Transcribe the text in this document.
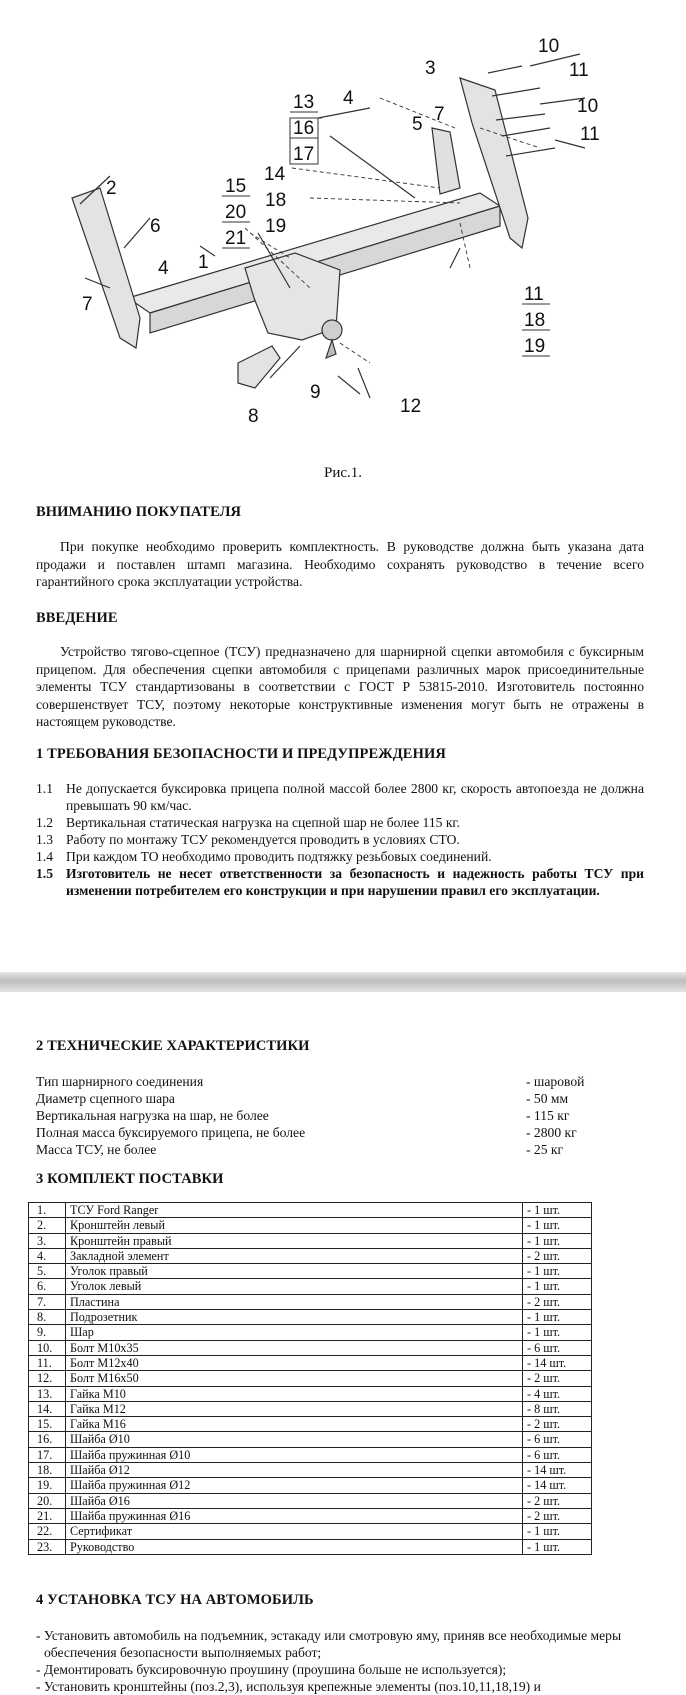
10
11
10
11
3
4
13
16
17
5 7
14
18
19
15
20
21
2
6
4 1
7	11
18
19
9
12
8
Рис.1.
ВНИМАНИЮ ПОКУПАТЕЛЯ
При покупке необходимо проверить комплектность. В руководстве должна быть указана дата продажи и поставлен штамп магазина. Необходимо сохранять руководство в течение всего гарантийного срока эксплуатации устройства.
ВВЕДЕНИЕ
Устройство тягово-сцепное (ТСУ) предназначено для шарнирной сцепки автомобиля с буксирным прицепом. Для обеспечения сцепки автомобиля с прицепами различных марок присоединительные элементы ТСУ стандартизованы в соответствии с ГОСТ Р 53815-2010. Изготовитель постоянно совершенствует ТСУ, поэтому некоторые конструктивные изменения могут быть не отражены в настоящем руководстве.
1 ТРЕБОВАНИЯ БЕЗОПАСНОСТИ И ПРЕДУПРЕЖДЕНИЯ
1.1 Не допускается буксировка прицепа полной массой более 2800 кг, скорость автопоезда не должна превышать 90 км/час.
1.2 Вертикальная статическая нагрузка на сцепной шар не более 115 кг.
1.3 Работу по монтажу ТСУ рекомендуется проводить в условиях СТО.
1.4 При каждом ТО необходимо проводить подтяжку резьбовых соединений.
1.5 Изготовитель не несет ответственности за безопасность и надежность работы ТСУ при изменении потребителем его конструкции и при нарушении правил его эксплуатации.
2 ТЕХНИЧЕСКИЕ ХАРАКТЕРИСТИКИ
Тип шарнирного соединения	- шаровой
Диаметр сцепного шара	- 50 мм
Вертикальная нагрузка на шар, не более	- 115 кг
Полная масса буксируемого прицепа, не более	- 2800 кг
Масса ТСУ, не более	- 25 кг
3 КОМПЛЕКТ ПОСТАВКИ
1.	ТСУ Ford Ranger	- 1 шт.
2.	Кронштейн левый	- 1 шт.
3.	Кронштейн правый	- 1 шт.
4.	Закладной элемент	- 2 шт.
5.	Уголок правый	- 1 шт.
6.	Уголок левый	- 1 шт.
7.	Пластина	- 2 шт.
8.	Подрозетник	- 1 шт.
9.	Шар	- 1 шт.
10.	Болт М10х35	- 6 шт.
11.	Болт М12х40	- 14 шт.
12.	Болт М16х50	- 2 шт.
13.	Гайка М10	- 4 шт.
14.	Гайка М12	- 8 шт.
15.	Гайка М16	- 2 шт.
16.	Шайба Ø10	- 6 шт.
17.	Шайба пружинная Ø10	- 6 шт.
18.	Шайба Ø12	- 14 шт.
19.	Шайба пружинная Ø12	- 14 шт.
20.	Шайба Ø16	- 2 шт.
21.	Шайба пружинная Ø16	- 2 шт.
22.	Сертификат	- 1 шт.
23.	Руководство	- 1 шт.
4 УСТАНОВКА ТСУ НА АВТОМОБИЛЬ
- Установить автомобиль на подъемник, эстакаду или смотровую яму, приняв все необходимые меры обеспечения безопасности выполняемых работ;
- Демонтировать буксировочную проушину (проушина больше не используется);
- Установить кронштейны (поз.2,3), используя крепежные элементы (поз.10,11,18,19) и
